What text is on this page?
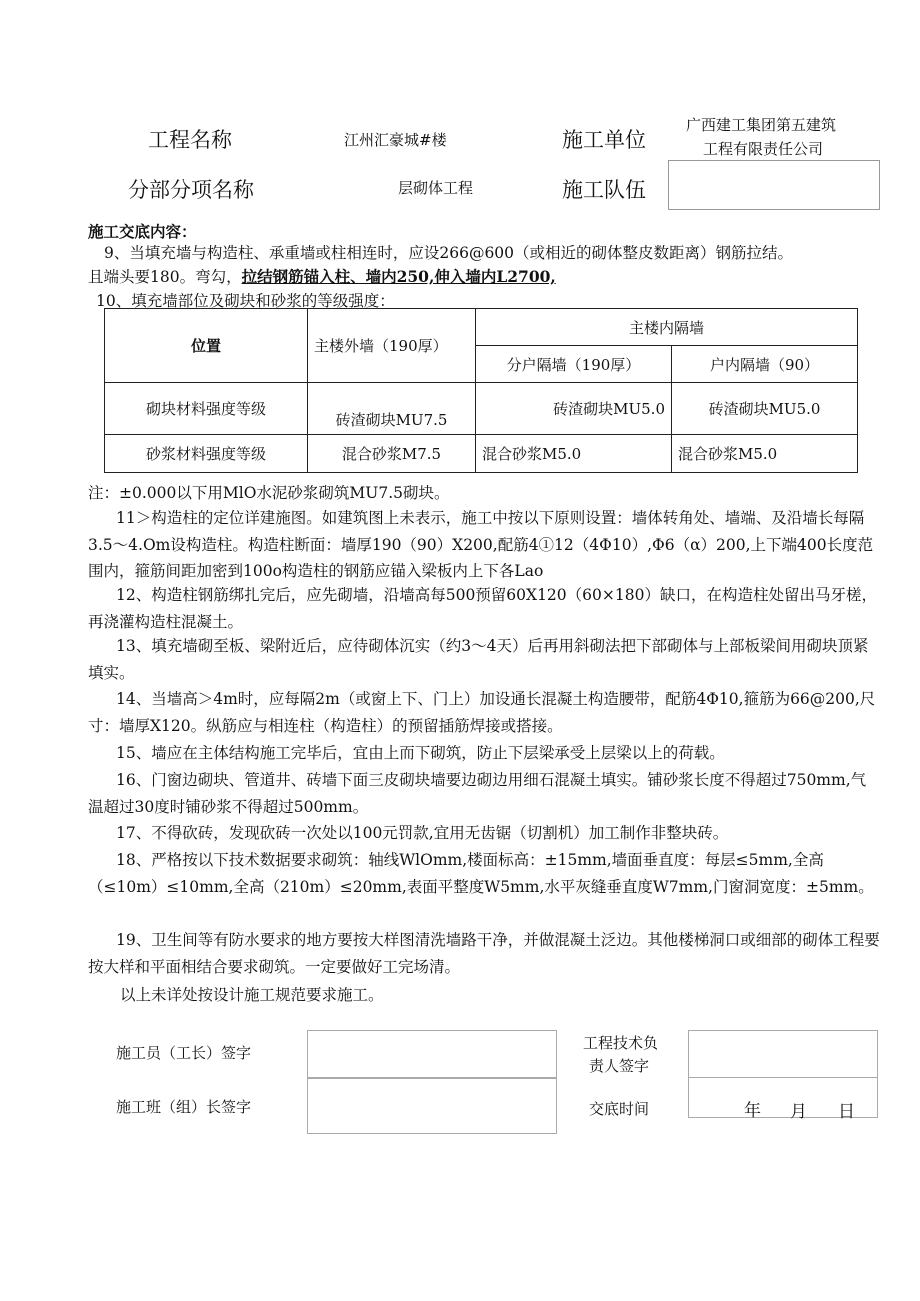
工程名称	江州汇豪城#楼	施工单位
广西建工集团第五建筑
工程有限责任公司
分部分项名称	层砌体工程	施工队伍
施工交底内容：
9、当填充墙与构造柱、承重墙或柱相连时，应设266@600（或相近的砌体整皮数距离）钢筋拉结。
且端头要180。弯勾，拉结钢筋锚入柱、墙内250,伸入墙内L2700,
10、填充墙部位及砌块和砂浆的等级强度：
位置	主楼外墙（190厚）	主楼内隔墙	
		分户隔墙（190厚）	户内隔墙（90）
砌块材料强度等级	砖渣砌块MU7.5	砖渣砌块MU5.0	砖渣砌块MU5.0
砂浆材料强度等级	混合砂浆M7.5	混合砂浆M5.0	混合砂浆M5.0
注：±0.000以下用MlO水泥砂浆砌筑MU7.5砌块。
11＞构造柱的定位详建施图。如建筑图上未表示，施工中按以下原则设置：墙体转角处、墙端、及沿墙长每隔3.5～4.Om设构造柱。构造柱断面：墙厚190（90）X200,配筋4①12（4Φ10）,Φ6（α）200,上下端400长度范围内，箍筋间距加密到100o构造柱的钢筋应锚入梁板内上下各Lao
12、构造柱钢筋绑扎完后，应先砌墙，沿墙高每500预留60X120（60×180）缺口，在构造柱处留出马牙槎，再浇灌构造柱混凝土。
13、填充墙砌至板、梁附近后，应待砌体沉实（约3～4天）后再用斜砌法把下部砌体与上部板梁间用砌块顶紧填实。
14、当墙高＞4m时，应每隔2m（或窗上下、门上）加设通长混凝土构造腰带，配筋4Φ10,箍筋为66@200,尺寸：墙厚X120。纵筋应与相连柱（构造柱）的预留插筋焊接或搭接。
15、墙应在主体结构施工完毕后，宜由上而下砌筑，防止下层梁承受上层梁以上的荷载。
16、门窗边砌块、管道井、砖墙下面三皮砌块墙要边砌边用细石混凝土填实。铺砂浆长度不得超过750mm,气温超过30度时铺砂浆不得超过500mm。
17、不得砍砖，发现砍砖一次处以100元罚款,宜用无齿锯（切割机）加工制作非整块砖。
18、严格按以下技术数据要求砌筑：轴线WlOmm,楼面标高：±15mm,墙面垂直度：每层≤5mm,全高（≤10m）≤10mm,全高（210m）≤20mm,表面平整度W5mm,水平灰缝垂直度W7mm,门窗洞宽度：±5mm。
19、卫生间等有防水要求的地方要按大样图清洗墙路干净，并做混凝土泛边。其他楼梯洞口或细部的砌体工程要按大样和平面相结合要求砌筑。一定要做好工完场清。
以上未详处按设计施工规范要求施工。
施工员（工长）签字
施工班（组）长签字
工程技术负
责人签字
交底时间	年 月 日
